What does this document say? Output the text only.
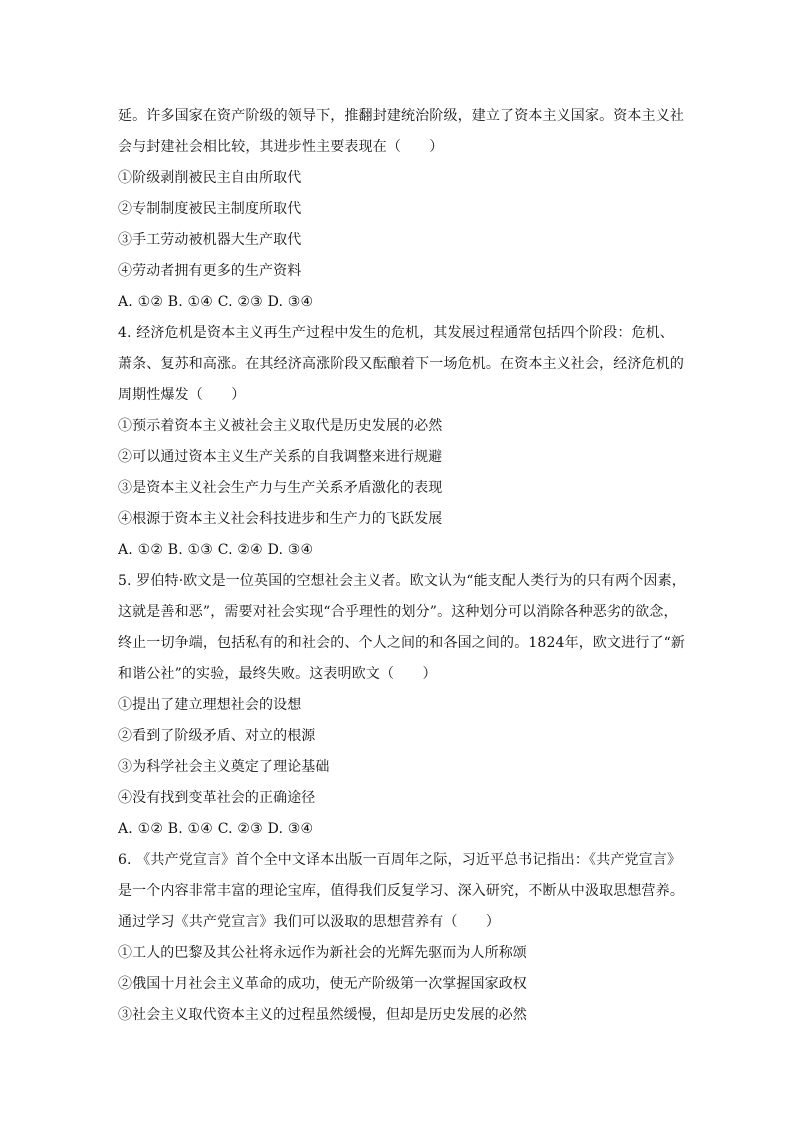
延。许多国家在资产阶级的领导下，推翻封建统治阶级，建立了资本主义国家。资本主义社
会与封建社会相比较，其进步性主要表现在（　　）
①阶级剥削被民主自由所取代
②专制制度被民主制度所取代
③手工劳动被机器大生产取代
④劳动者拥有更多的生产资料
A. ①② B. ①④ C. ②③ D. ③④
4. 经济危机是资本主义再生产过程中发生的危机，其发展过程通常包括四个阶段：危机、
萧条、复苏和高涨。在其经济高涨阶段又酝酿着下一场危机。在资本主义社会，经济危机的
周期性爆发（　　）
①预示着资本主义被社会主义取代是历史发展的必然
②可以通过资本主义生产关系的自我调整来进行规避
③是资本主义社会生产力与生产关系矛盾激化的表现
④根源于资本主义社会科技进步和生产力的飞跃发展
A. ①② B. ①③ C. ②④ D. ③④
5. 罗伯特·欧文是一位英国的空想社会主义者。欧文认为“能支配人类行为的只有两个因素，
这就是善和恶”，需要对社会实现“合乎理性的划分”。这种划分可以消除各种恶劣的欲念，
终止一切争端，包括私有的和社会的、个人之间的和各国之间的。1824年，欧文进行了“新
和谐公社”的实验，最终失败。这表明欧文（　　）
①提出了建立理想社会的设想
②看到了阶级矛盾、对立的根源
③为科学社会主义奠定了理论基础
④没有找到变革社会的正确途径
A. ①② B. ①④ C. ②③ D. ③④
6. 《共产党宣言》首个全中文译本出版一百周年之际，习近平总书记指出：《共产党宣言》
是一个内容非常丰富的理论宝库，值得我们反复学习、深入研究，不断从中汲取思想营养。
通过学习《共产党宣言》我们可以汲取的思想营养有（　　）
①工人的巴黎及其公社将永远作为新社会的光辉先驱而为人所称颂
②俄国十月社会主义革命的成功，使无产阶级第一次掌握国家政权
③社会主义取代资本主义的过程虽然缓慢，但却是历史发展的必然
